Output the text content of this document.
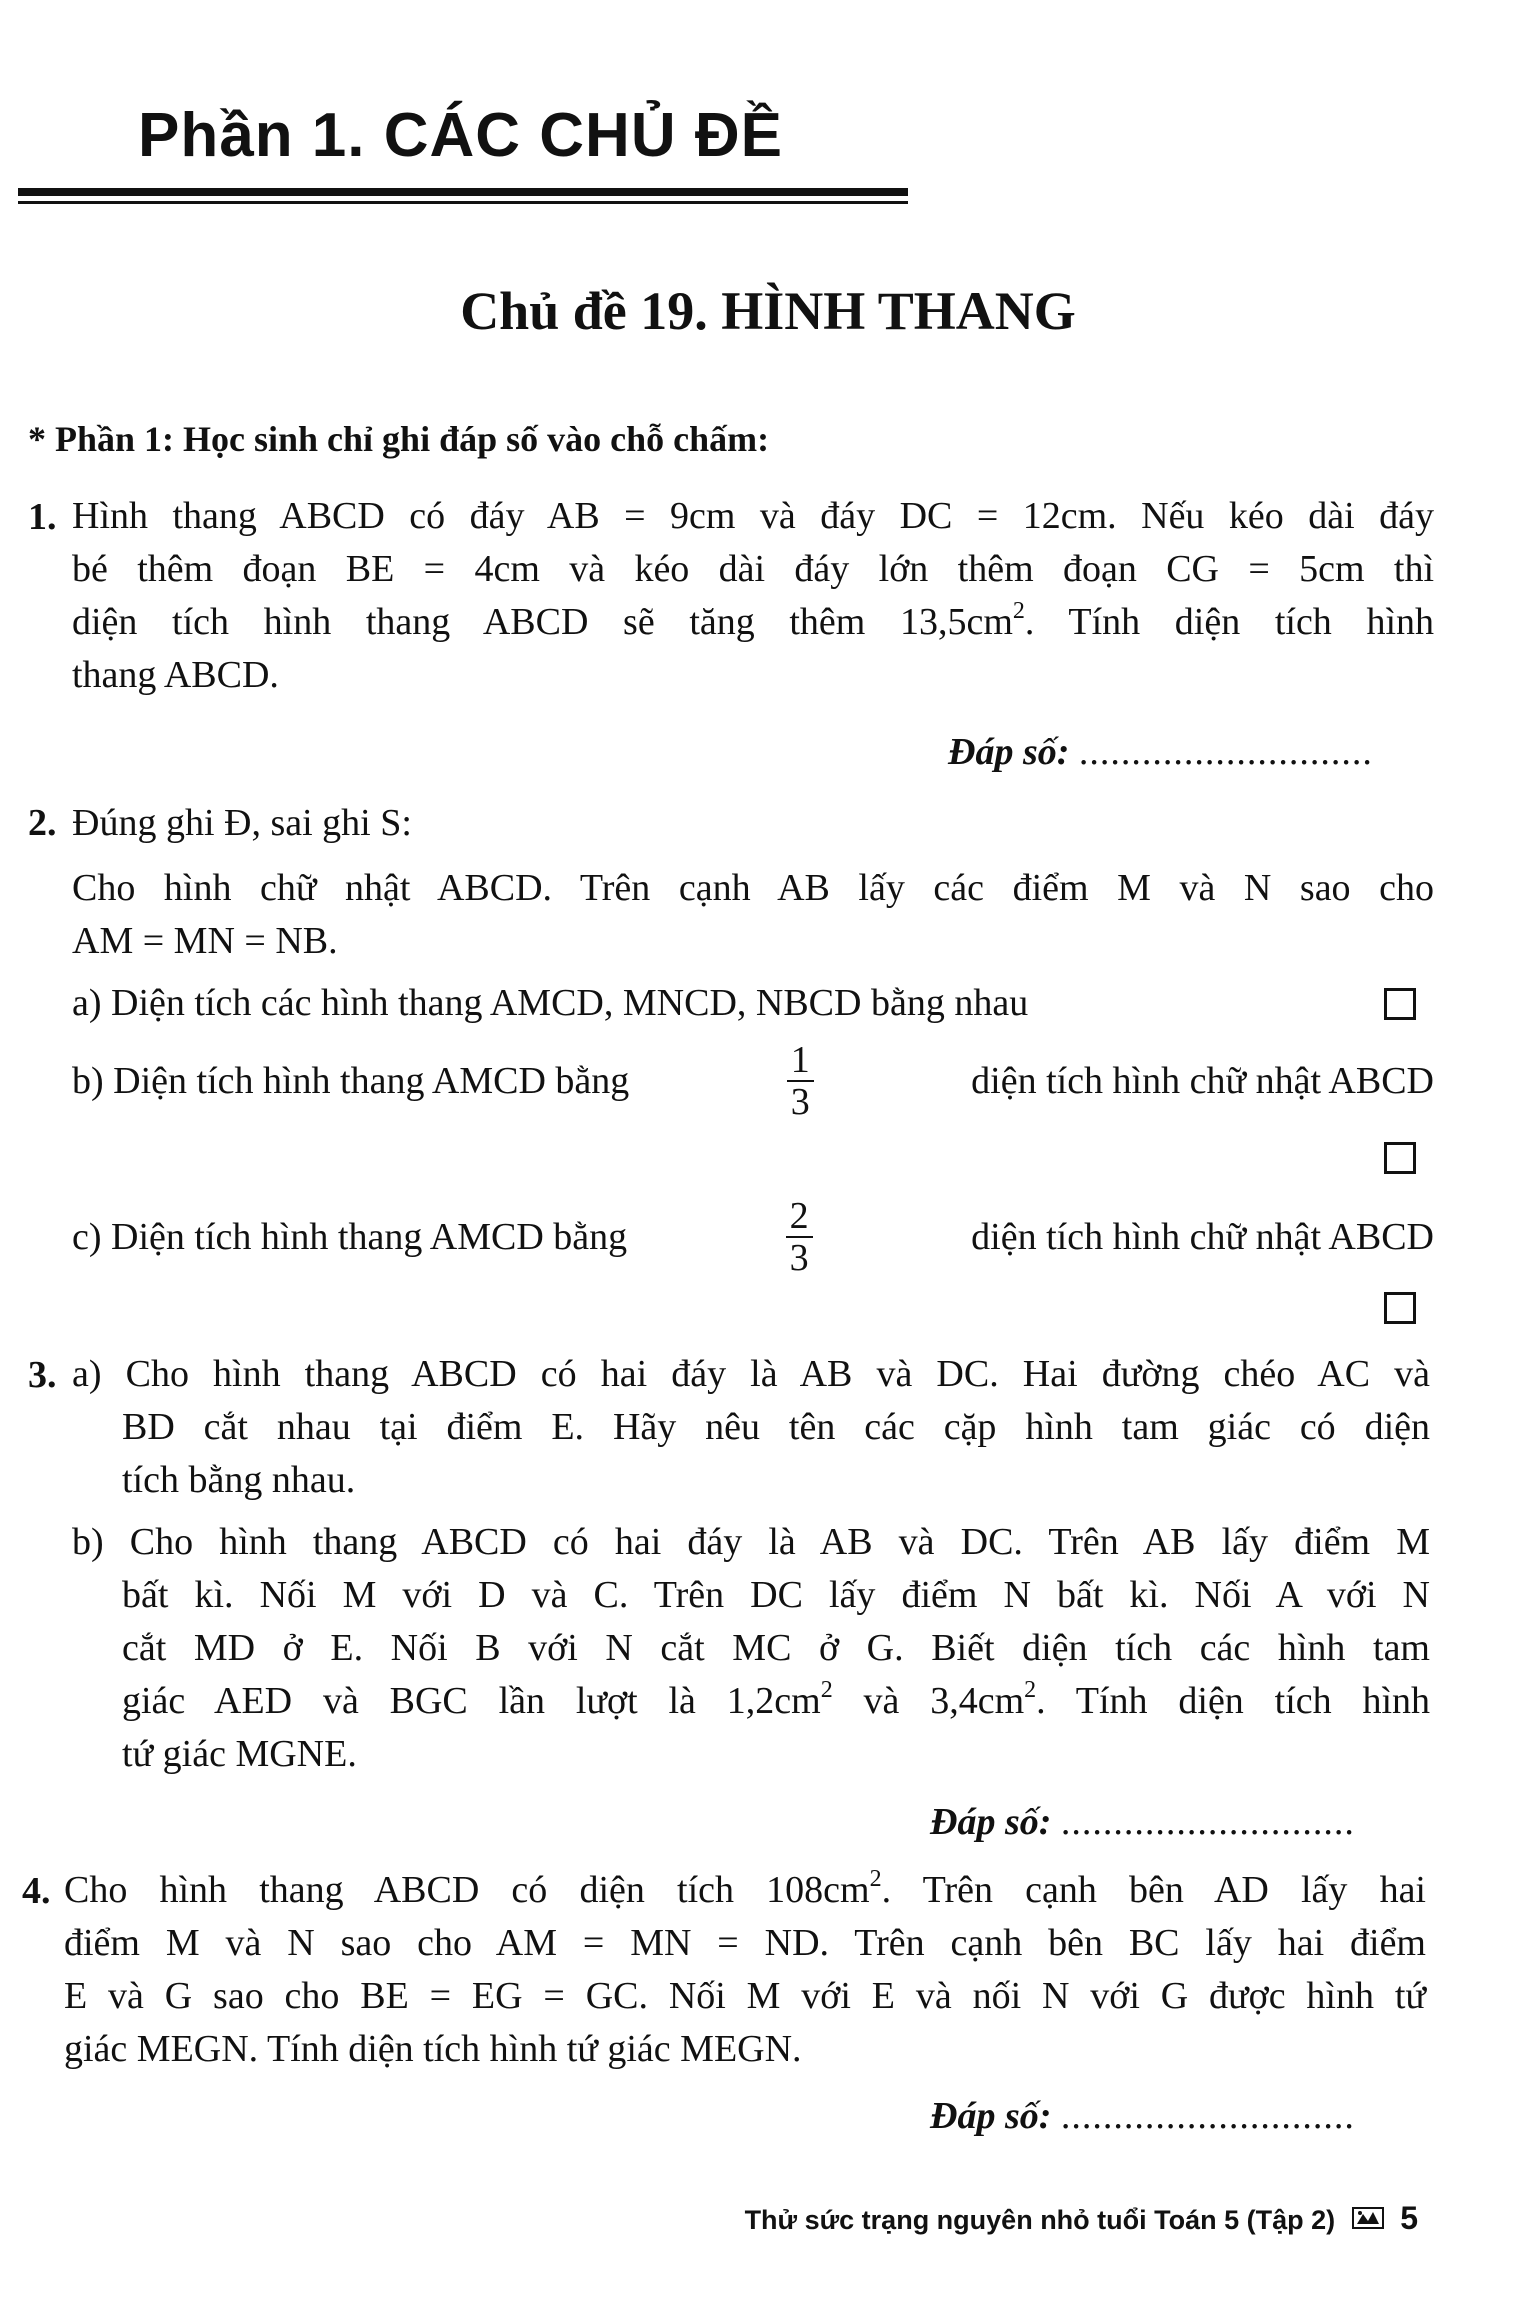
Phần 1. CÁC CHỦ ĐỀ
Chủ đề 19. HÌNH THANG
* Phần 1: Học sinh chỉ ghi đáp số vào chỗ chấm:
1. Hình thang ABCD có đáy AB = 9cm và đáy DC = 12cm. Nếu kéo dài đáy
bé thêm đoạn BE = 4cm và kéo dài đáy lớn thêm đoạn CG = 5cm thì
diện tích hình thang ABCD sẽ tăng thêm $13,5cm^2$. Tính diện tích hình
thang ABCD.
Đáp số: ............................
2. Đúng ghi Đ, sai ghi S:
Cho hình chữ nhật ABCD. Trên cạnh AB lấy các điểm M và N sao cho
AM = MN = NB.
a) Diện tích các hình thang AMCD, MNCD, NBCD bằng nhau
b) Diện tích hình thang AMCD bằng	$\frac{1}{3}$	diện tích hình chữ nhật ABCD
c) Diện tích hình thang AMCD bằng	$\frac{2}{3}$	diện tích hình chữ nhật ABCD
3. a) Cho hình thang ABCD có hai đáy là AB và DC. Hai đường chéo AC và
BD cắt nhau tại điểm E. Hãy nêu tên các cặp hình tam giác có diện
tích bằng nhau.
b) Cho hình thang ABCD có hai đáy là AB và DC. Trên AB lấy điểm M
bất kì. Nối M với D và C. Trên DC lấy điểm N bất kì. Nối A với N
cắt MD ở E. Nối B với N cắt MC ở G. Biết diện tích các hình tam
giác AED và BGC lần lượt là $1,2cm^2$ và $3,4cm^2$. Tính diện tích hình
tứ giác MGNE.
Đáp số: ............................
4. Cho hình thang ABCD có diện tích $108cm^2$. Trên cạnh bên AD lấy hai
điểm M và N sao cho AM = MN = ND. Trên cạnh bên BC lấy hai điểm
E và G sao cho BE = EG = GC. Nối M với E và nối N với G được hình tứ
giác MEGN. Tính diện tích hình tứ giác MEGN.
Đáp số: ............................
Thử sức trạng nguyên nhỏ tuổi Toán 5 (Tập 2) 5
